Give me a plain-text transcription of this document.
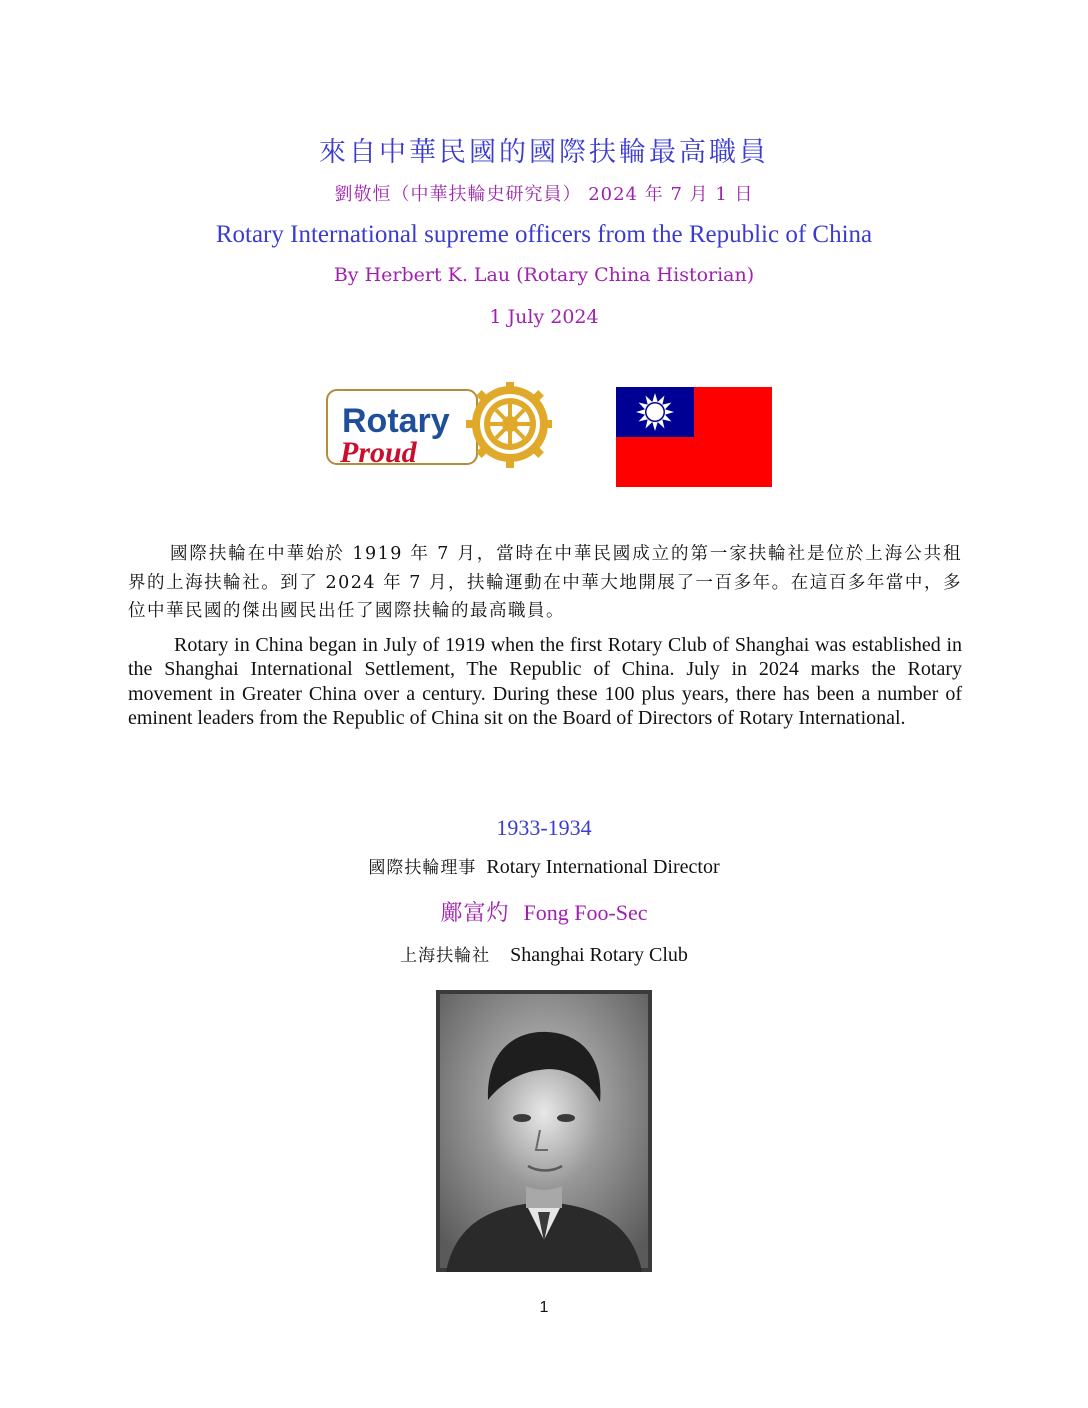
來自中華民國的國際扶輪最高職員
劉敬恒（中華扶輪史研究員） 2024 年 7 月 1 日
Rotary International supreme officers from the Republic of China
By Herbert K. Lau (Rotary China Historian)
1 July 2024
Rotary
Proud

國際扶輪在中華始於 1919 年 7 月，當時在中華民國成立的第一家扶輪社是位於上海公共租界的上海扶輪社。到了 2024 年 7 月，扶輪運動在中華大地開展了一百多年。在這百多年當中，多位中華民國的傑出國民出任了國際扶輪的最高職員。

Rotary in China began in July of 1919 when the first Rotary Club of Shanghai was established in the Shanghai International Settlement, The Republic of China. July in 2024 marks the Rotary movement in Greater China over a century. During these 100 plus years, there has been a number of eminent leaders from the Republic of China sit on the Board of Directors of Rotary International.

1933-1934
國際扶輪理事 Rotary International Director
鄺富灼 Fong Foo-Sec
上海扶輪社 Shanghai Rotary Club
1
